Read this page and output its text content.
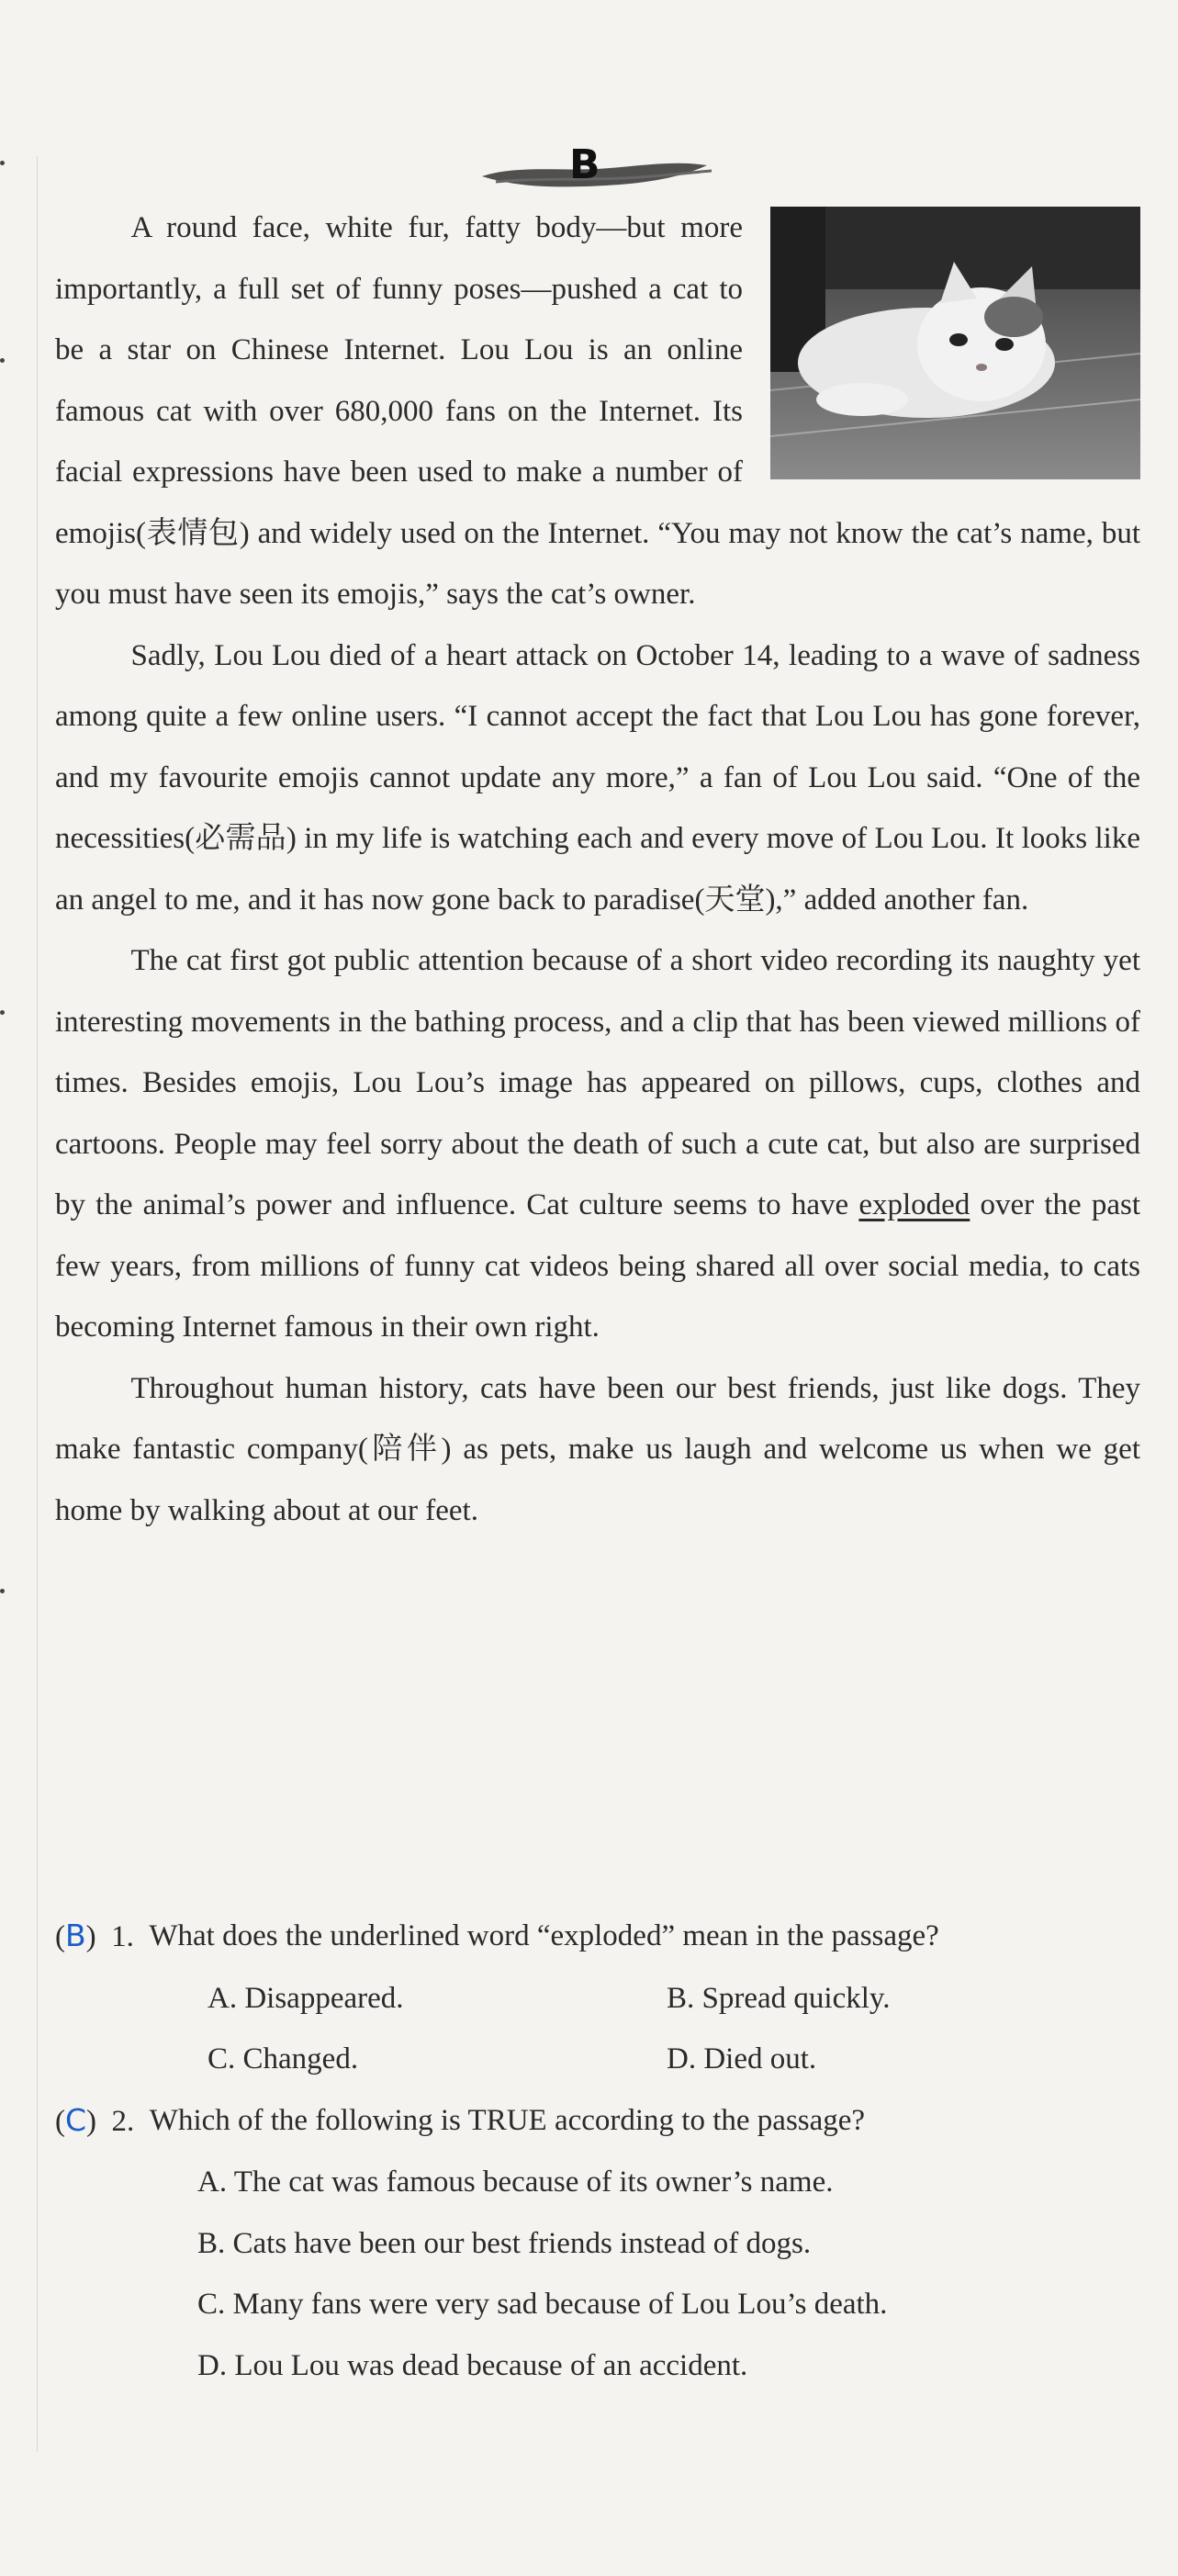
B

A round face, white fur, fatty body—but more importantly, a full set of funny poses—pushed a cat to be a star on Chinese Internet. Lou Lou is an online famous cat with over 680,000 fans on the Internet. Its facial expressions have been used to make a number of emojis(表情包) and widely used on the Internet. “You may not know the cat’s name, but you must have seen its emojis,” says the cat’s owner.

Sadly, Lou Lou died of a heart attack on October 14, leading to a wave of sadness among quite a few online users. “I cannot accept the fact that Lou Lou has gone forever, and my favourite emojis cannot update any more,” a fan of Lou Lou said. “One of the necessities(必需品) in my life is watching each and every move of Lou Lou. It looks like an angel to me, and it has now gone back to paradise(天堂),” added another fan.

The cat first got public attention because of a short video recording its naughty yet interesting movements in the bathing process, and a clip that has been viewed millions of times. Besides emojis, Lou Lou’s image has appeared on pillows, cups, clothes and cartoons. People may feel sorry about the death of such a cute cat, but also are surprised by the animal’s power and influence. Cat culture seems to have exploded over the past few years, from millions of funny cat videos being shared all over social media, to cats becoming Internet famous in their own right.

Throughout human history, cats have been our best friends, just like dogs. They make fantastic company(陪伴) as pets, make us laugh and welcome us when we get home by walking about at our feet.

(B) 1. What does the underlined word “exploded” mean in the passage?
A. Disappeared.	B. Spread quickly.
C. Changed.	D. Died out.
(C) 2. Which of the following is TRUE according to the passage?
A. The cat was famous because of its owner’s name.
B. Cats have been our best friends instead of dogs.
C. Many fans were very sad because of Lou Lou’s death.
D. Lou Lou was dead because of an accident.
